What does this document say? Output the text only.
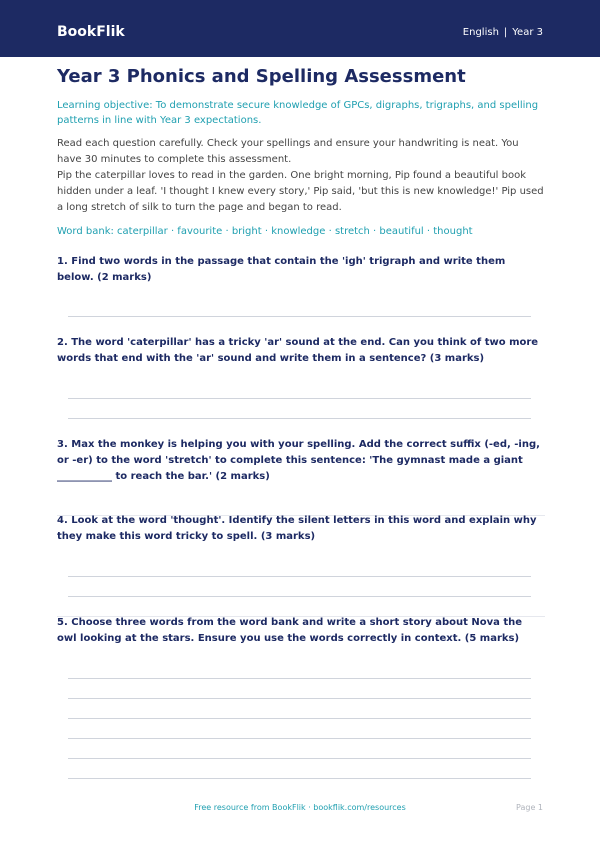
BookFlik	English | Year 3
Year 3 Phonics and Spelling Assessment

Learning objective: To demonstrate secure knowledge of GPCs, digraphs, trigraphs, and spelling patterns in line with Year 3 expectations.

Read each question carefully. Check your spellings and ensure your handwriting is neat. You have 30 minutes to complete this assessment.

Pip the caterpillar loves to read in the garden. One bright morning, Pip found a beautiful book hidden under a leaf. 'I thought I knew every story,' Pip said, 'but this is new knowledge!' Pip used a long stretch of silk to turn the page and began to read.

Word bank: caterpillar · favourite · bright · knowledge · stretch · beautiful · thought

1. Find two words in the passage that contain the 'igh' trigraph and write them below. (2 marks)

2. The word 'caterpillar' has a tricky 'ar' sound at the end. Can you think of two more words that end with the 'ar' sound and write them in a sentence? (3 marks)

3. Max the monkey is helping you with your spelling. Add the correct suffix (-ed, -ing, or -er) to the word 'stretch' to complete this sentence: 'The gymnast made a giant ___________ to reach the bar.' (2 marks)

4. Look at the word 'thought'. Identify the silent letters in this word and explain why they make this word tricky to spell. (3 marks)

5. Choose three words from the word bank and write a short story about Nova the owl looking at the stars. Ensure you use the words correctly in context. (5 marks)

Free resource from BookFlik · bookflik.com/resources	Page 1
